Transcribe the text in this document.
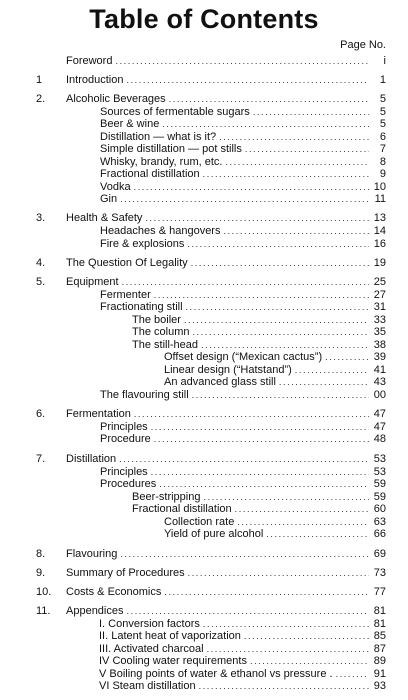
Table of Contents
Page No.
Foreword .....	i
1	Introduction .....	1
2.	Alcoholic Beverages .....	5
Sources of fermentable sugars .....	5
Beer & wine .....	5
Distillation — what is it? .....	6
Simple distillation — pot stills .....	7
Whisky, brandy, rum, etc. .....	8
Fractional distillation .....	9
Vodka .....	10
Gin .....	11
3.	Health & Safety .....	13
Headaches & hangovers .....	14
Fire & explosions .....	16
4.	The Question Of Legality .....	19
5.	Equipment .....	25
Fermenter .....	27
Fractionating still .....	31
The boiler .....	33
The column .....	35
The still-head .....	38
Offset design (“Mexican cactus”) .....	39
Linear design (“Hatstand”) .....	41
An advanced glass still .....	43
The flavouring still .....	00
6.	Fermentation .....	47
Principles .....	47
Procedure .....	48
7.	Distillation .....	53
Principles .....	53
Procedures .....	59
Beer-stripping .....	59
Fractional distillation .....	60
Collection rate .....	63
Yield of pure alcohol .....	66
8.	Flavouring .....	69
9.	Summary of Procedures .....	73
10.	Costs & Economics .....	77
11.	Appendices .....	81
I. Conversion factors .....	81
II. Latent heat of vaporization .....	85
III. Activated charcoal .....	87
IV Cooling water requirements .....	89
V Boiling points of water & ethanol vs pressure . .....	91
VI Steam distillation .....	93
